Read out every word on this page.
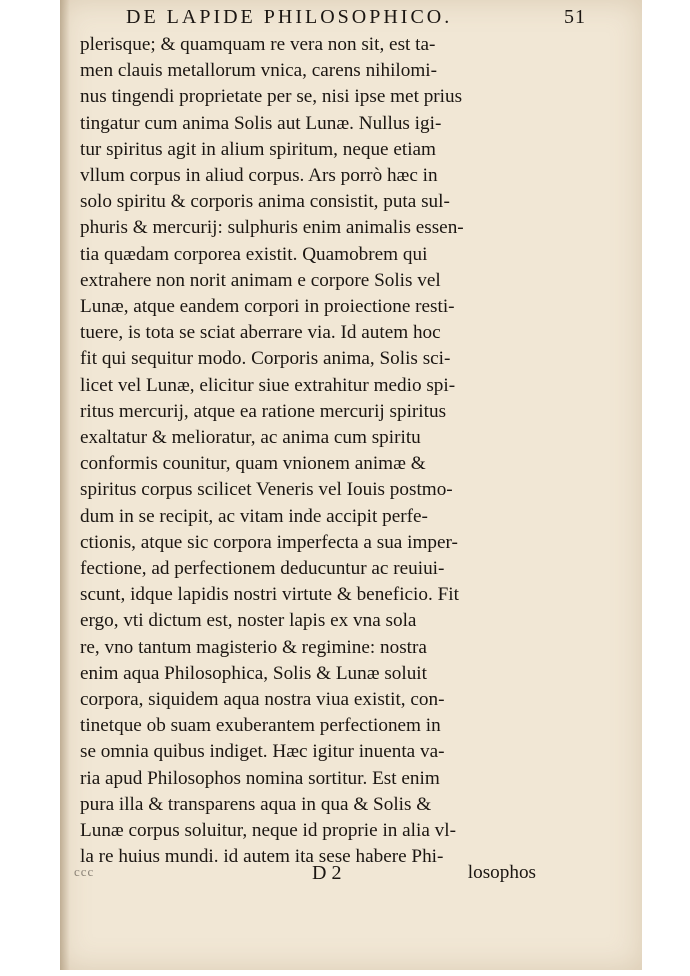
DE LAPIDE PHILOSOPHICO.	51
plerisque; & quamquam re vera non sit, est ta-
men clauis metallorum vnica, carens nihilomi-
nus tingendi proprietate per se, nisi ipse met prius
tingatur cum anima Solis aut Lunæ. Nullus igi-
tur spiritus agit in alium spiritum, neque etiam
vllum corpus in aliud corpus. Ars porrò hæc in
solo spiritu & corporis anima consistit, puta sul-
phuris & mercurij: sulphuris enim animalis essen-
tia quædam corporea existit. Quamobrem qui
extrahere non norit animam e corpore Solis vel
Lunæ, atque eandem corpori in proiectione resti-
tuere, is tota se sciat aberrare via. Id autem hoc
fit qui sequitur modo. Corporis anima, Solis sci-
licet vel Lunæ, elicitur siue extrahitur medio spi-
ritus mercurij, atque ea ratione mercurij spiritus
exaltatur & melioratur, ac anima cum spiritu
conformis counitur, quam vnionem animæ &
spiritus corpus scilicet Veneris vel Iouis postmo-
dum in se recipit, ac vitam inde accipit perfe-
ctionis, atque sic corpora imperfecta a sua imper-
fectione, ad perfectionem deducuntur ac reuiui-
scunt, idque lapidis nostri virtute & beneficio. Fit
ergo, vti dictum est, noster lapis ex vna sola
re, vno tantum magisterio & regimine: nostra
enim aqua Philosophica, Solis & Lunæ soluit
corpora, siquidem aqua nostra viua existit, con-
tinetque ob suam exuberantem perfectionem in
se omnia quibus indiget. Hæc igitur inuenta va-
ria apud Philosophos nomina sortitur. Est enim
pura illa & transparens aqua in qua & Solis &
Lunæ corpus soluitur, neque id proprie in alia vl-
la re huius mundi. id autem ita sese habere Phi-
ccc	D 2	losophos
